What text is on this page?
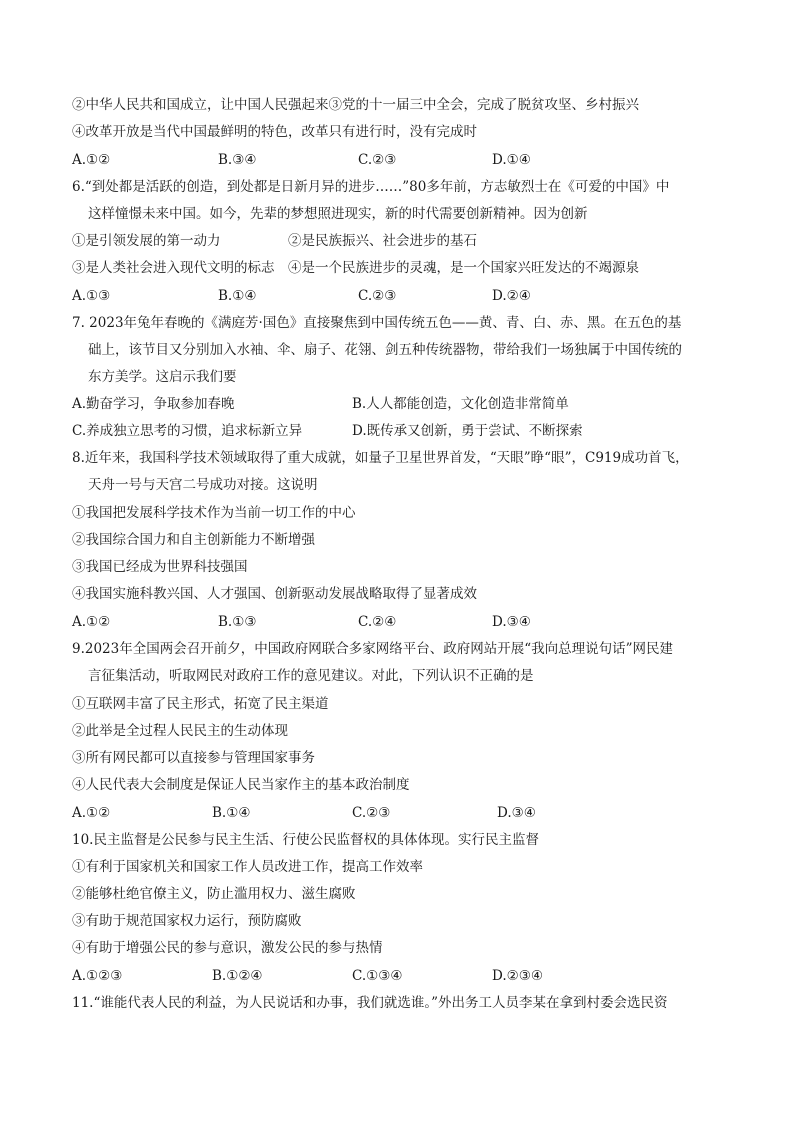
②中华人民共和国成立，让中国人民强起来③党的十一届三中全会，完成了脱贫攻坚、乡村振兴
④改革开放是当代中国最鲜明的特色，改革只有进行时，没有完成时
A.①②	B.③④	C.②③	D.①④
6.“到处都是活跃的创造，到处都是日新月异的进步……”80多年前，方志敏烈士在《可爱的中国》中
这样憧憬未来中国。如今，先辈的梦想照进现实，新的时代需要创新精神。因为创新
①是引领发展的第一动力	②是民族振兴、社会进步的基石
③是人类社会进入现代文明的标志 ④是一个民族进步的灵魂，是一个国家兴旺发达的不竭源泉
A.①③	B.①④	C.②③	D.②④
7. 2023年兔年春晚的《满庭芳·国色》直接聚焦到中国传统五色——黄、青、白、赤、黑。在五色的基
础上，该节目又分别加入水袖、伞、扇子、花翎、剑五种传统器物，带给我们一场独属于中国传统的
东方美学。这启示我们要
A.勤奋学习，争取参加春晚	B.人人都能创造，文化创造非常简单
C.养成独立思考的习惯，追求标新立异	D.既传承又创新，勇于尝试、不断探索
8.近年来，我国科学技术领域取得了重大成就，如量子卫星世界首发，“天眼”睁“眼”，C919成功首飞，
天舟一号与天宫二号成功对接。这说明
①我国把发展科学技术作为当前一切工作的中心
②我国综合国力和自主创新能力不断增强
③我国已经成为世界科技强国
④我国实施科教兴国、人才强国、创新驱动发展战略取得了显著成效
A.①②	B.①③	C.②④	D.③④
9.2023年全国两会召开前夕，中国政府网联合多家网络平台、政府网站开展“我向总理说句话”网民建
言征集活动，听取网民对政府工作的意见建议。对此，下列认识不正确的是
①互联网丰富了民主形式，拓宽了民主渠道
②此举是全过程人民民主的生动体现
③所有网民都可以直接参与管理国家事务
④人民代表大会制度是保证人民当家作主的基本政治制度
A.①②	B.①④	C.②③	D.③④
10.民主监督是公民参与民主生活、行使公民监督权的具体体现。实行民主监督
①有利于国家机关和国家工作人员改进工作，提高工作效率
②能够杜绝官僚主义，防止滥用权力、滋生腐败
③有助于规范国家权力运行，预防腐败
④有助于增强公民的参与意识，激发公民的参与热情
A.①②③	B.①②④	C.①③④	D.②③④
11.“谁能代表人民的利益，为人民说话和办事，我们就选谁。”外出务工人员李某在拿到村委会选民资
